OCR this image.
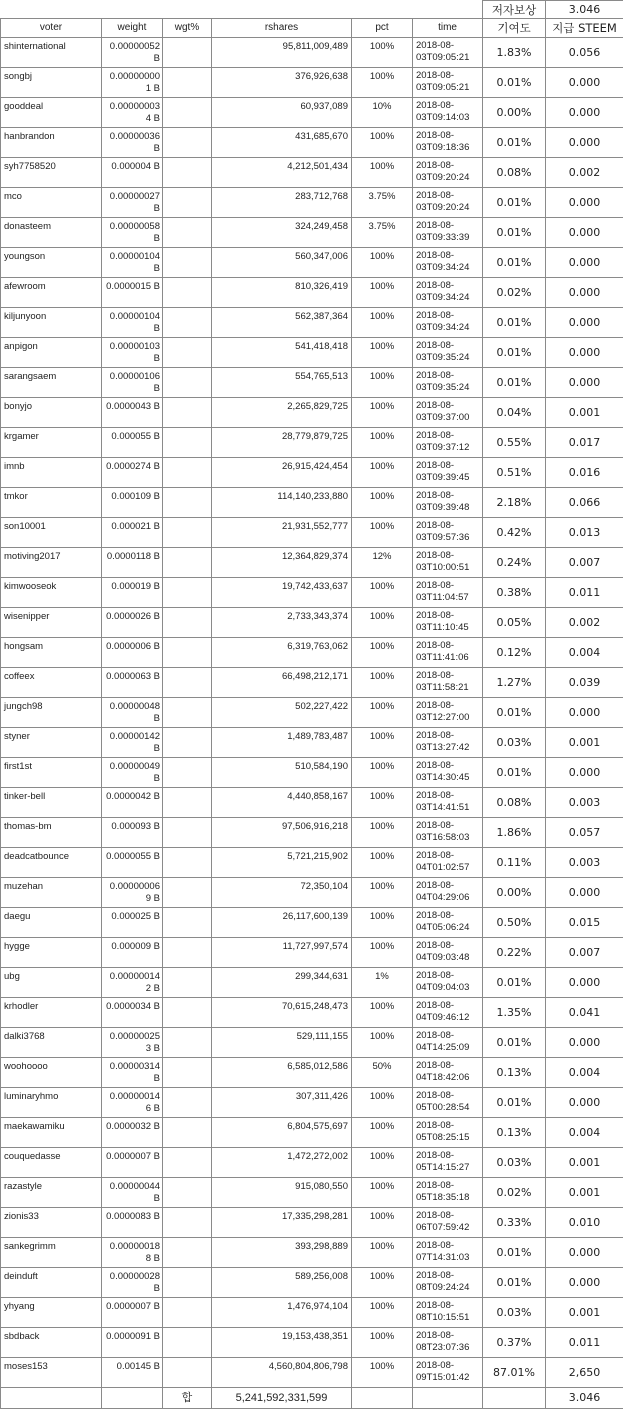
						저자보상	3.046
voter	weight	wgt%	rshares	pct	time	기여도	지급 STEEM
shinternational	0.00000052 B		95,811,009,489	100%	2018-08-03T09:05:21	1.83%	0.056
songbj	0.00000000 1 B		376,926,638	100%	2018-08-03T09:05:21	0.01%	0.000
gooddeal	0.00000003 4 B		60,937,089	10%	2018-08-03T09:14:03	0.00%	0.000
hanbrandon	0.00000036 B		431,685,670	100%	2018-08-03T09:18:36	0.01%	0.000
syh7758520	0.000004 B		4,212,501,434	100%	2018-08-03T09:20:24	0.08%	0.002
mco	0.00000027 B		283,712,768	3.75%	2018-08-03T09:20:24	0.01%	0.000
donasteem	0.00000058 B		324,249,458	3.75%	2018-08-03T09:33:39	0.01%	0.000
youngson	0.00000104 B		560,347,006	100%	2018-08-03T09:34:24	0.01%	0.000
afewroom	0.0000015 B		810,326,419	100%	2018-08-03T09:34:24	0.02%	0.000
kiljunyoon	0.00000104 B		562,387,364	100%	2018-08-03T09:34:24	0.01%	0.000
anpigon	0.00000103 B		541,418,418	100%	2018-08-03T09:35:24	0.01%	0.000
sarangsaem	0.00000106 B		554,765,513	100%	2018-08-03T09:35:24	0.01%	0.000
bonyjo	0.0000043 B		2,265,829,725	100%	2018-08-03T09:37:00	0.04%	0.001
krgamer	0.000055 B		28,779,879,725	100%	2018-08-03T09:37:12	0.55%	0.017
imnb	0.0000274 B		26,915,424,454	100%	2018-08-03T09:39:45	0.51%	0.016
tmkor	0.000109 B		114,140,233,880	100%	2018-08-03T09:39:48	2.18%	0.066
son10001	0.000021 B		21,931,552,777	100%	2018-08-03T09:57:36	0.42%	0.013
motiving2017	0.0000118 B		12,364,829,374	12%	2018-08-03T10:00:51	0.24%	0.007
kimwooseok	0.000019 B		19,742,433,637	100%	2018-08-03T11:04:57	0.38%	0.011
wisenipper	0.0000026 B		2,733,343,374	100%	2018-08-03T11:10:45	0.05%	0.002
hongsam	0.0000006 B		6,319,763,062	100%	2018-08-03T11:41:06	0.12%	0.004
coffeex	0.0000063 B		66,498,212,171	100%	2018-08-03T11:58:21	1.27%	0.039
jungch98	0.00000048 B		502,227,422	100%	2018-08-03T12:27:00	0.01%	0.000
styner	0.00000142 B		1,489,783,487	100%	2018-08-03T13:27:42	0.03%	0.001
first1st	0.00000049 B		510,584,190	100%	2018-08-03T14:30:45	0.01%	0.000
tinker-bell	0.0000042 B		4,440,858,167	100%	2018-08-03T14:41:51	0.08%	0.003
thomas-bm	0.000093 B		97,506,916,218	100%	2018-08-03T16:58:03	1.86%	0.057
deadcatbounce	0.0000055 B		5,721,215,902	100%	2018-08-04T01:02:57	0.11%	0.003
muzehan	0.00000006 9 B		72,350,104	100%	2018-08-04T04:29:06	0.00%	0.000
daegu	0.000025 B		26,117,600,139	100%	2018-08-04T05:06:24	0.50%	0.015
hygge	0.000009 B		11,727,997,574	100%	2018-08-04T09:03:48	0.22%	0.007
ubg	0.00000014 2 B		299,344,631	1%	2018-08-04T09:04:03	0.01%	0.000
krhodler	0.0000034 B		70,615,248,473	100%	2018-08-04T09:46:12	1.35%	0.041
dalki3768	0.00000025 3 B		529,111,155	100%	2018-08-04T14:25:09	0.01%	0.000
woohoooo	0.00000314 B		6,585,012,586	50%	2018-08-04T18:42:06	0.13%	0.004
luminaryhmo	0.00000014 6 B		307,311,426	100%	2018-08-05T00:28:54	0.01%	0.000
maekawamiku	0.0000032 B		6,804,575,697	100%	2018-08-05T08:25:15	0.13%	0.004
couquedasse	0.0000007 B		1,472,272,002	100%	2018-08-05T14:15:27	0.03%	0.001
razastyle	0.00000044 B		915,080,550	100%	2018-08-05T18:35:18	0.02%	0.001
zionis33	0.0000083 B		17,335,298,281	100%	2018-08-06T07:59:42	0.33%	0.010
sankegrimm	0.00000018 8 B		393,298,889	100%	2018-08-07T14:31:03	0.01%	0.000
deinduft	0.00000028 B		589,256,008	100%	2018-08-08T09:24:24	0.01%	0.000
yhyang	0.0000007 B		1,476,974,104	100%	2018-08-08T10:15:51	0.03%	0.001
sbdback	0.0000091 B		19,153,438,351	100%	2018-08-08T23:07:36	0.37%	0.011
moses153	0.00145 B		4,560,804,806,798	100%	2018-08-09T15:01:42	87.01%	2,650
		합	5,241,592,331,599				3.046
